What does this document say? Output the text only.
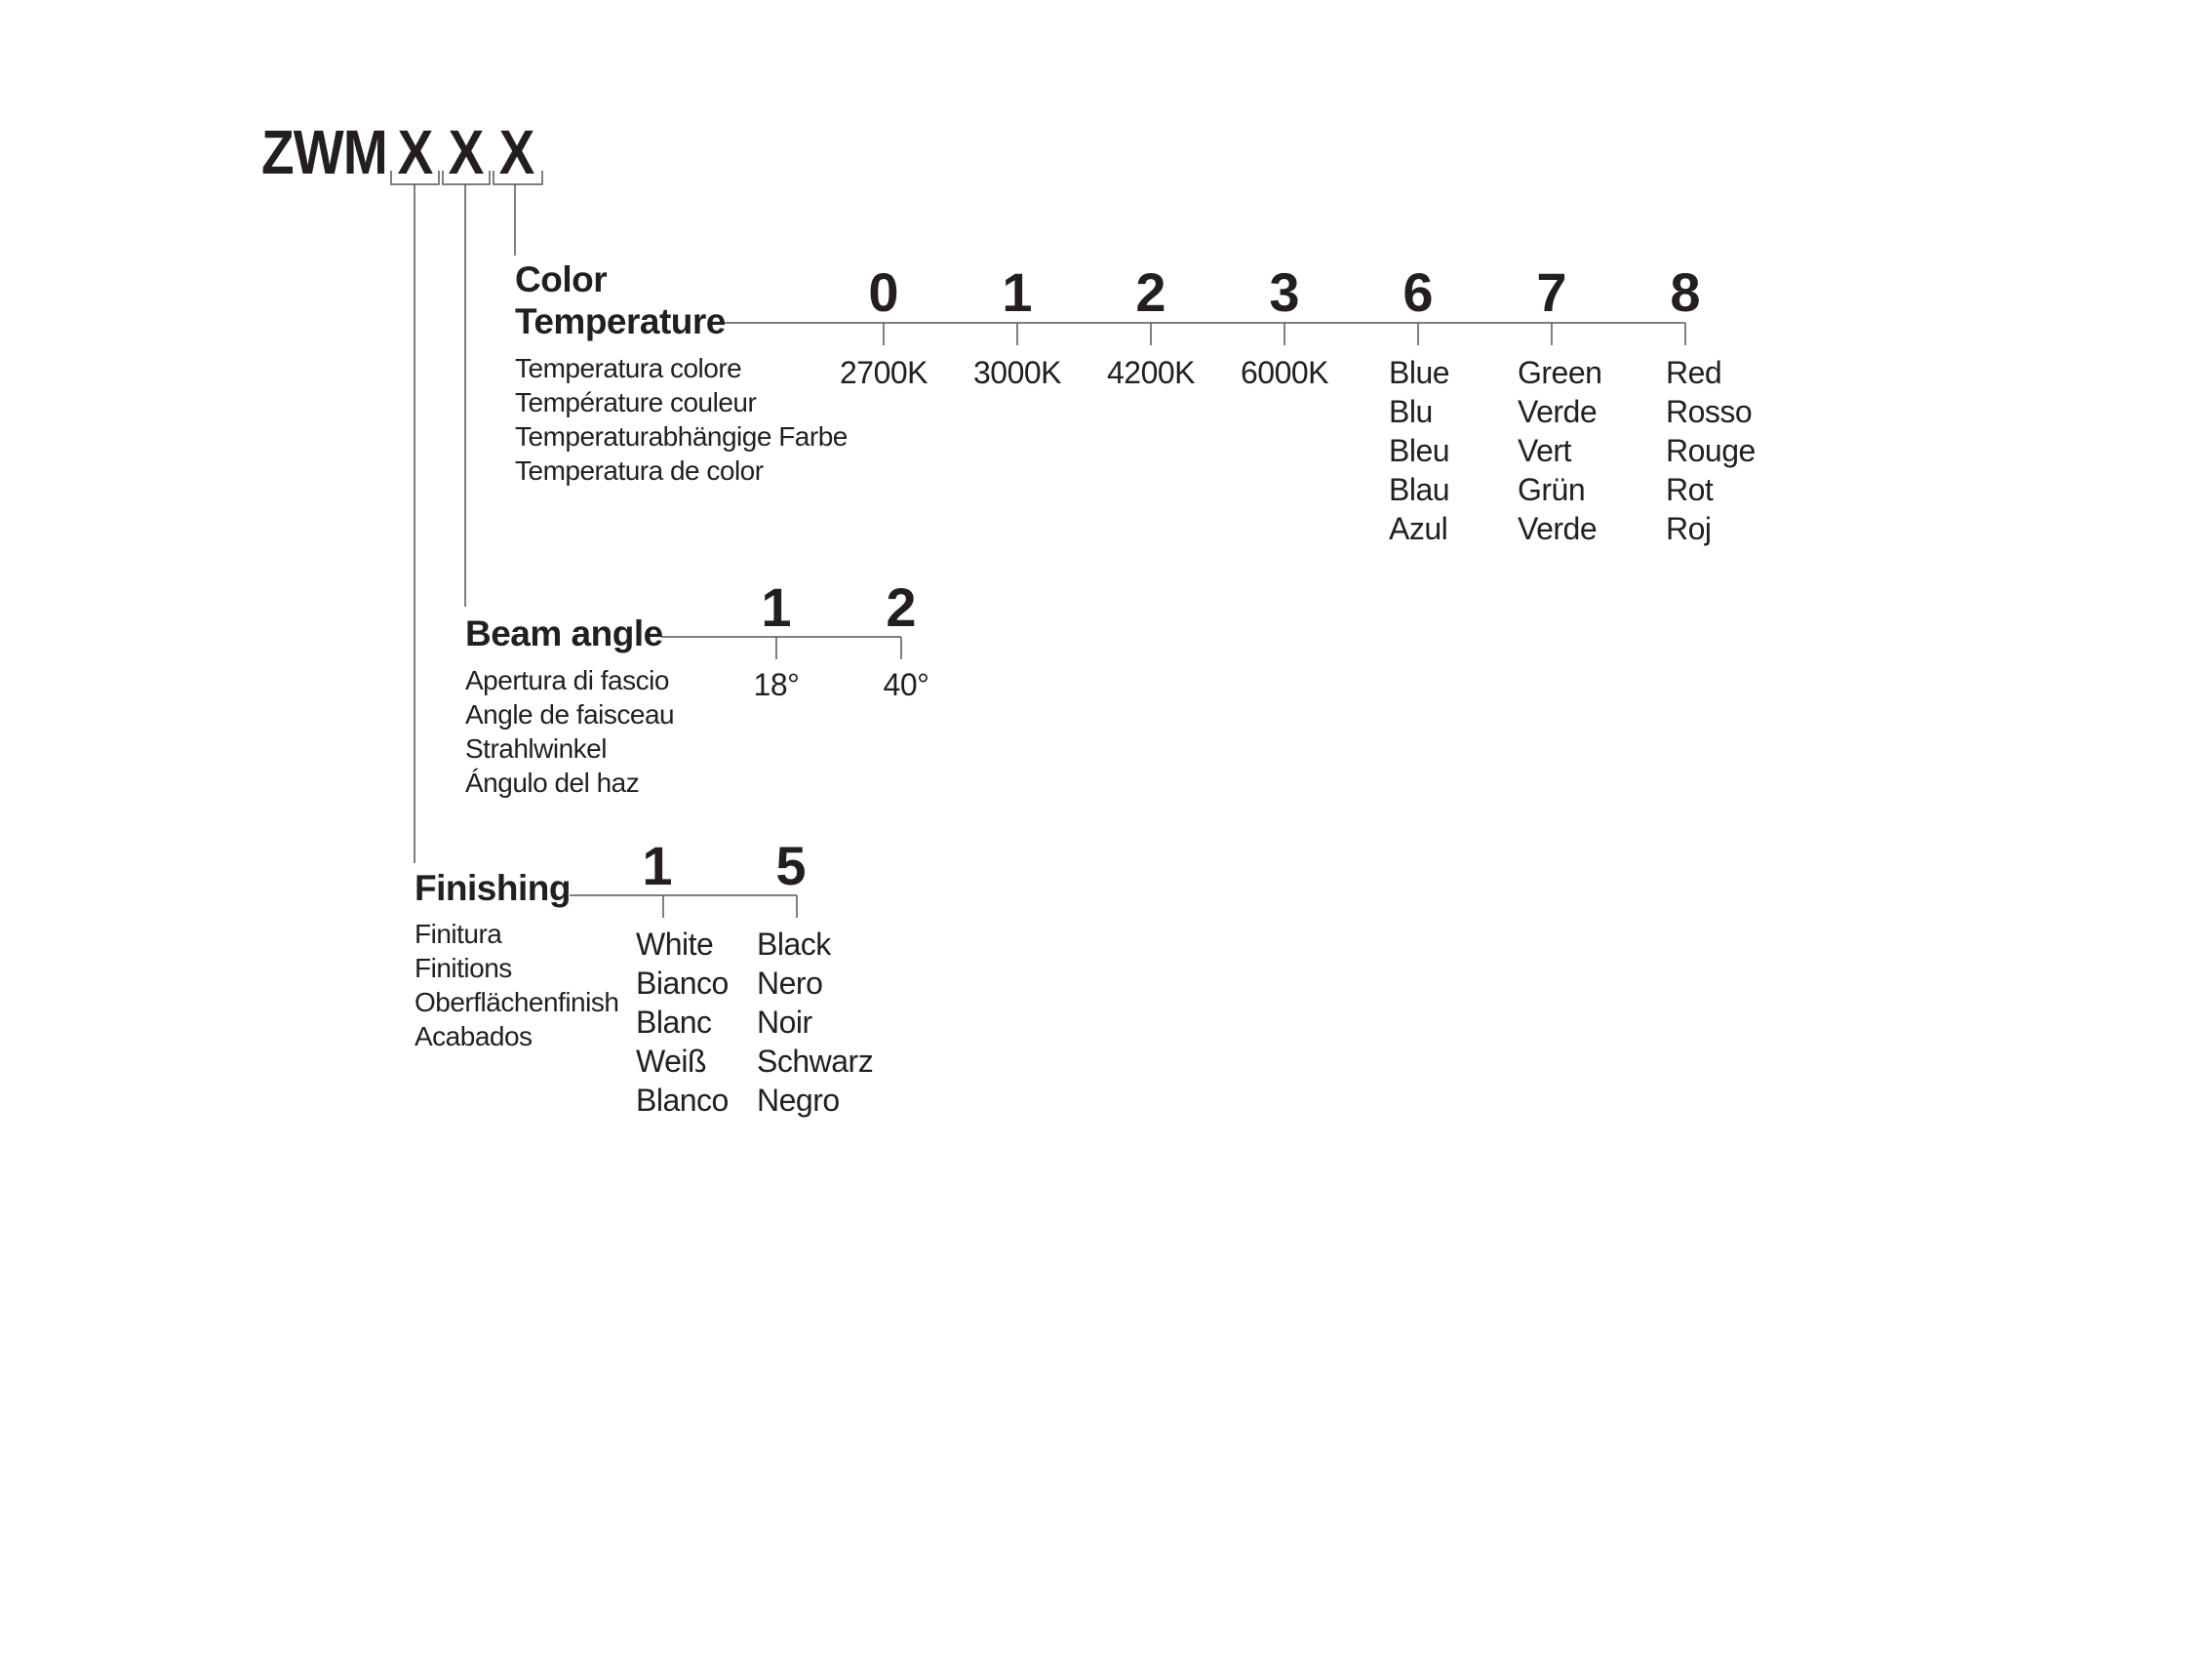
ZWM X X X
Color
Temperature
Temperatura colore
Température couleur
Temperaturabhängige Farbe
Temperatura de color
0 1 2 3 6 7 8
2700K 3000K 4200K 6000K Blue
Blu
Bleu
Blau
Azul
Green
Verde
Vert
Grün
Verde
Red
Rosso
Rouge
Rot
Roj
Beam angle
Apertura di fascio
Angle de faisceau
Strahlwinkel
Ángulo del haz
1 2
18°	40°
Finishing
Finitura
Finitions
Oberflächenfinish
Acabados
1 5
White
Bianco
Blanc
Weiß
Blanco
Black
Nero
Noir
Schwarz
Negro
